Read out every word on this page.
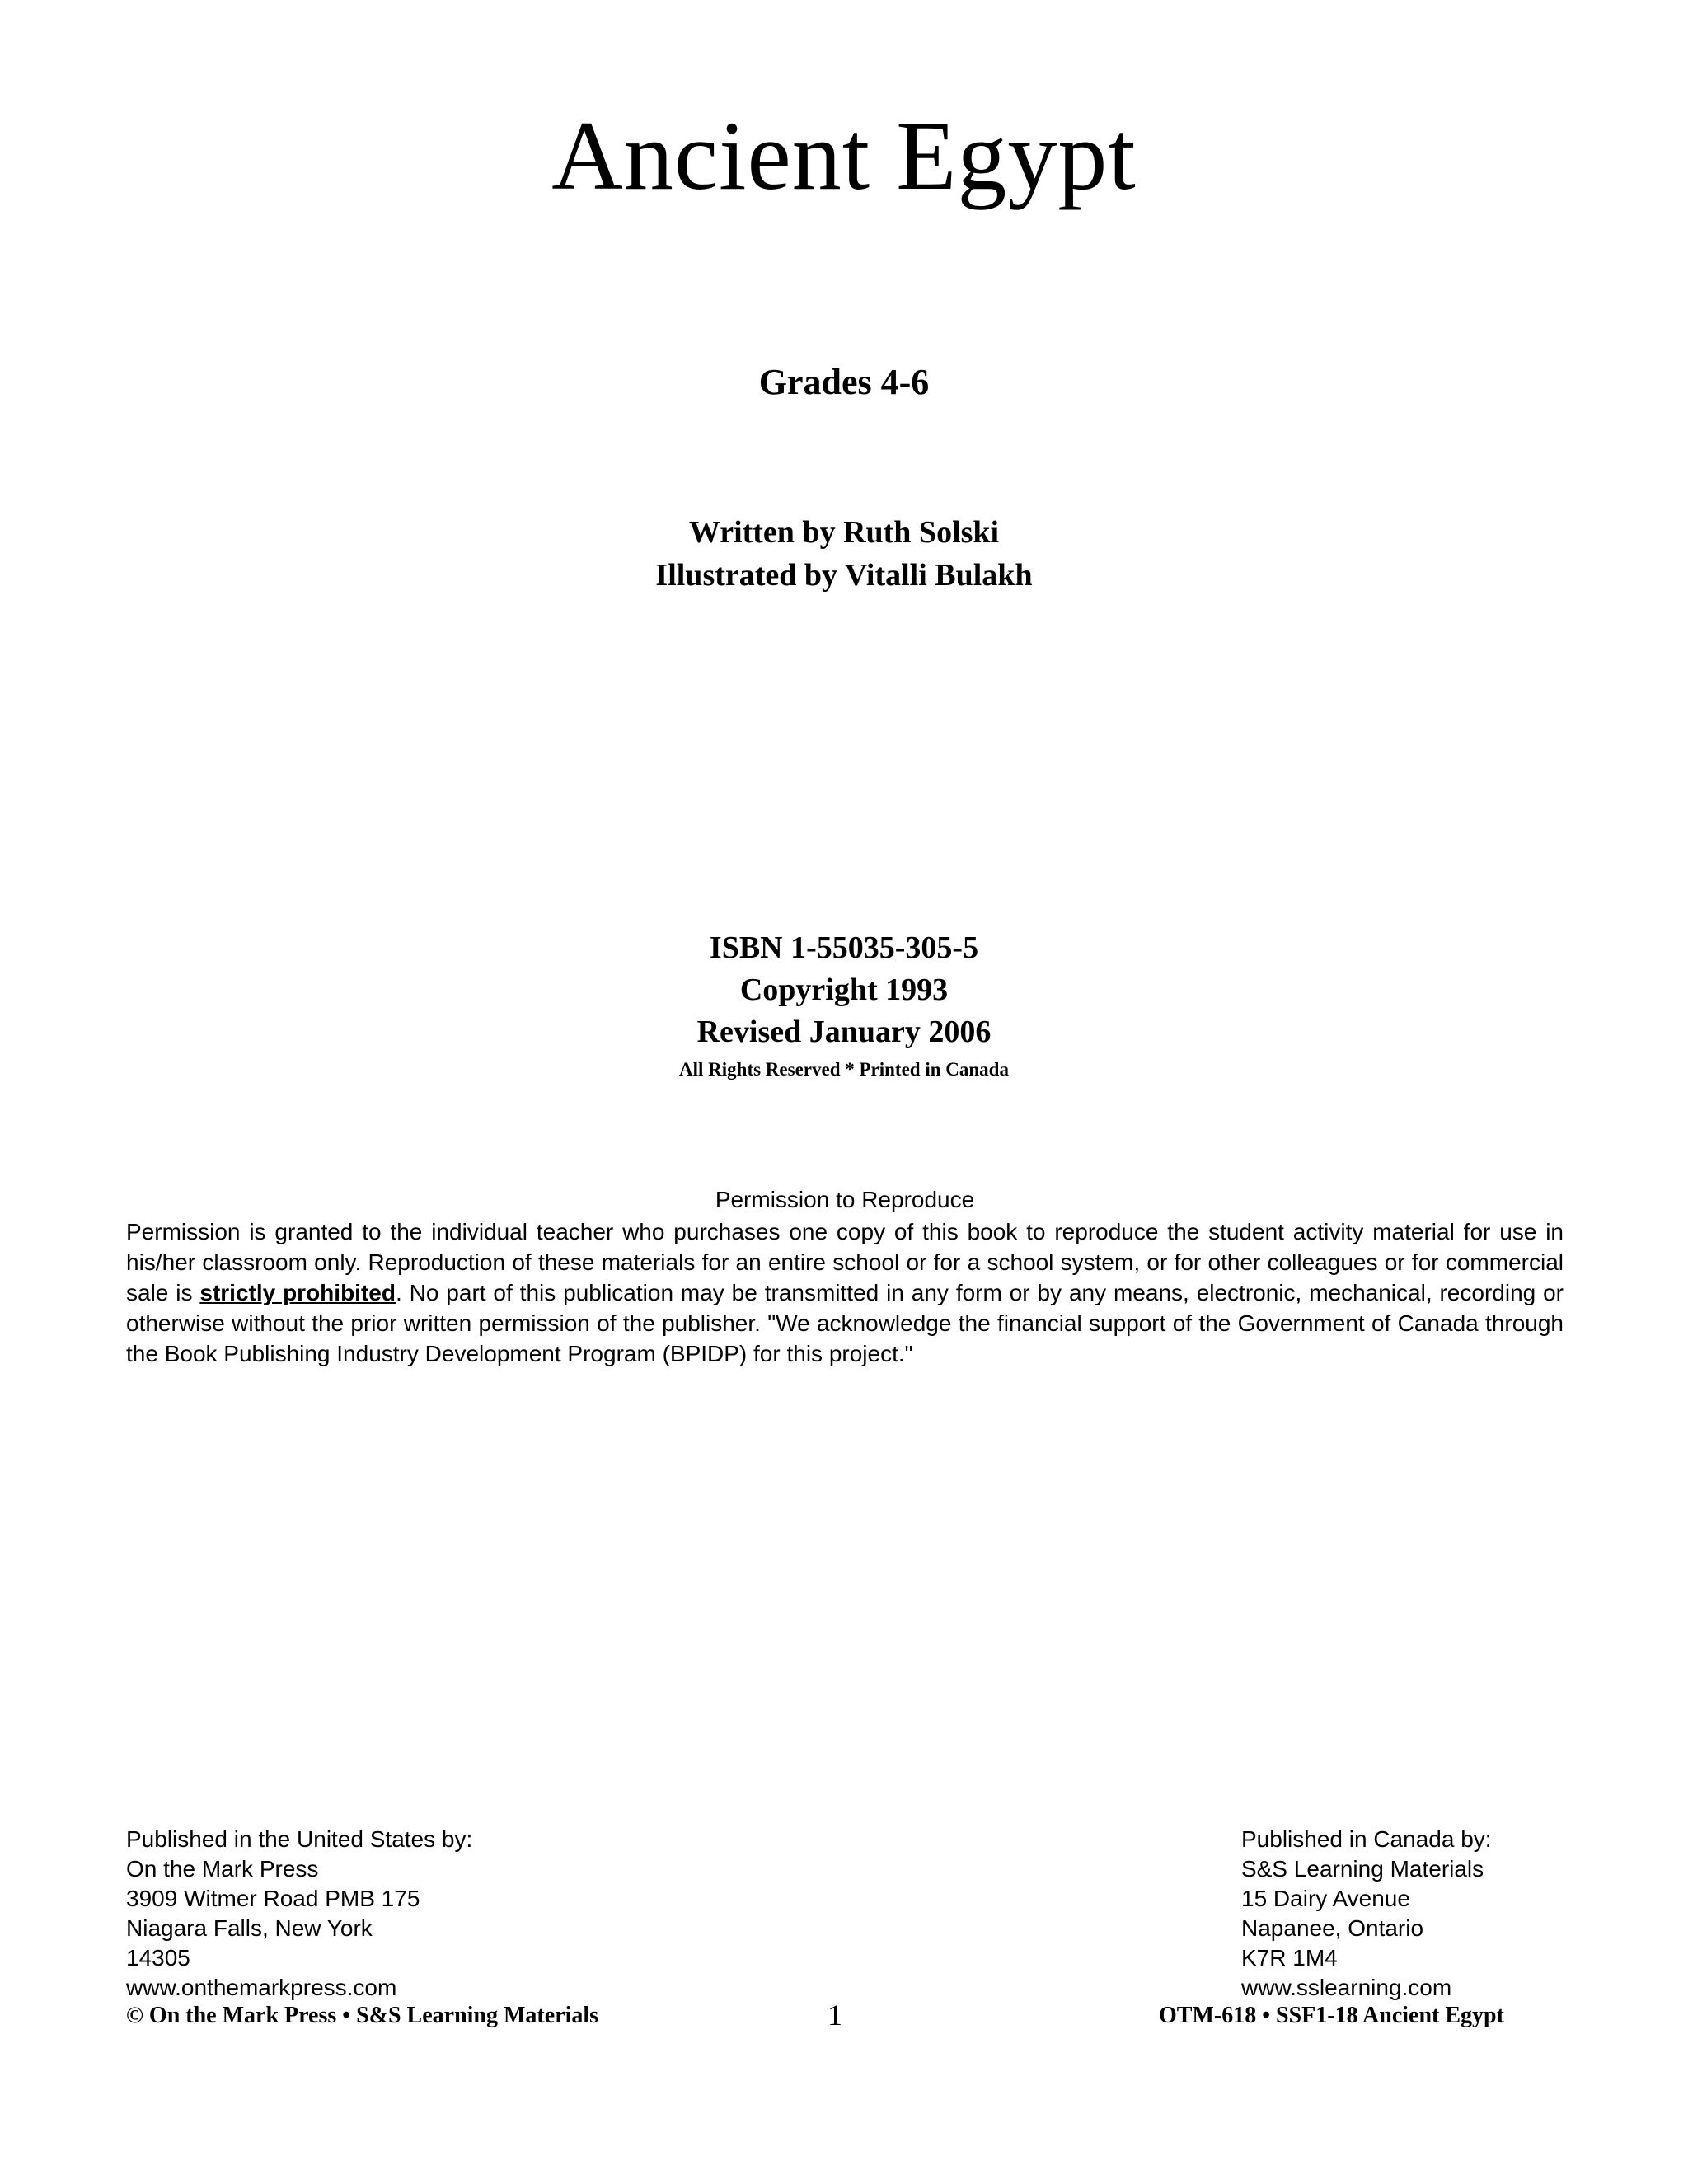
Ancient Egypt
Grades 4-6
Written by Ruth Solski
Illustrated by Vitalli Bulakh
ISBN 1-55035-305-5
Copyright 1993
Revised January 2006
All Rights Reserved * Printed in Canada
Permission to Reproduce
Permission is granted to the individual teacher who purchases one copy of this book to reproduce the student activity material for use in his/her classroom only. Reproduction of these materials for an entire school or for a school system, or for other colleagues or for commercial sale is strictly prohibited. No part of this publication may be transmitted in any form or by any means, electronic, mechanical, recording or otherwise without the prior written permission of the publisher. "We acknowledge the financial support of the Government of Canada through the Book Publishing Industry Development Program (BPIDP) for this project."
Published in the United States by:
On the Mark Press
3909 Witmer Road PMB 175
Niagara Falls, New York
14305
www.onthemarkpress.com
Published in Canada by:
S&S Learning Materials
15 Dairy Avenue
Napanee, Ontario
K7R 1M4
www.sslearning.com
© On the Mark Press • S&S Learning Materials	1	OTM-618 • SSF1-18 Ancient Egypt
